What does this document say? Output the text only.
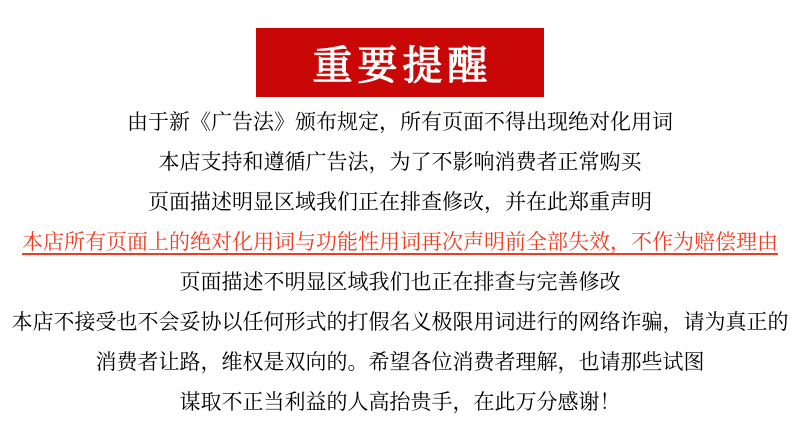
重要提醒
由于新《广告法》颁布规定，所有页面不得出现绝对化用词
本店支持和遵循广告法，为了不影响消费者正常购买
页面描述明显区域我们正在排查修改，并在此郑重声明
本店所有页面上的绝对化用词与功能性用词再次声明前全部失效，不作为赔偿理由
页面描述不明显区域我们也正在排查与完善修改
本店不接受也不会妥协以任何形式的打假名义极限用词进行的网络诈骗，请为真正的
消费者让路，维权是双向的。希望各位消费者理解，也请那些试图
谋取不正当利益的人高抬贵手，在此万分感谢！
